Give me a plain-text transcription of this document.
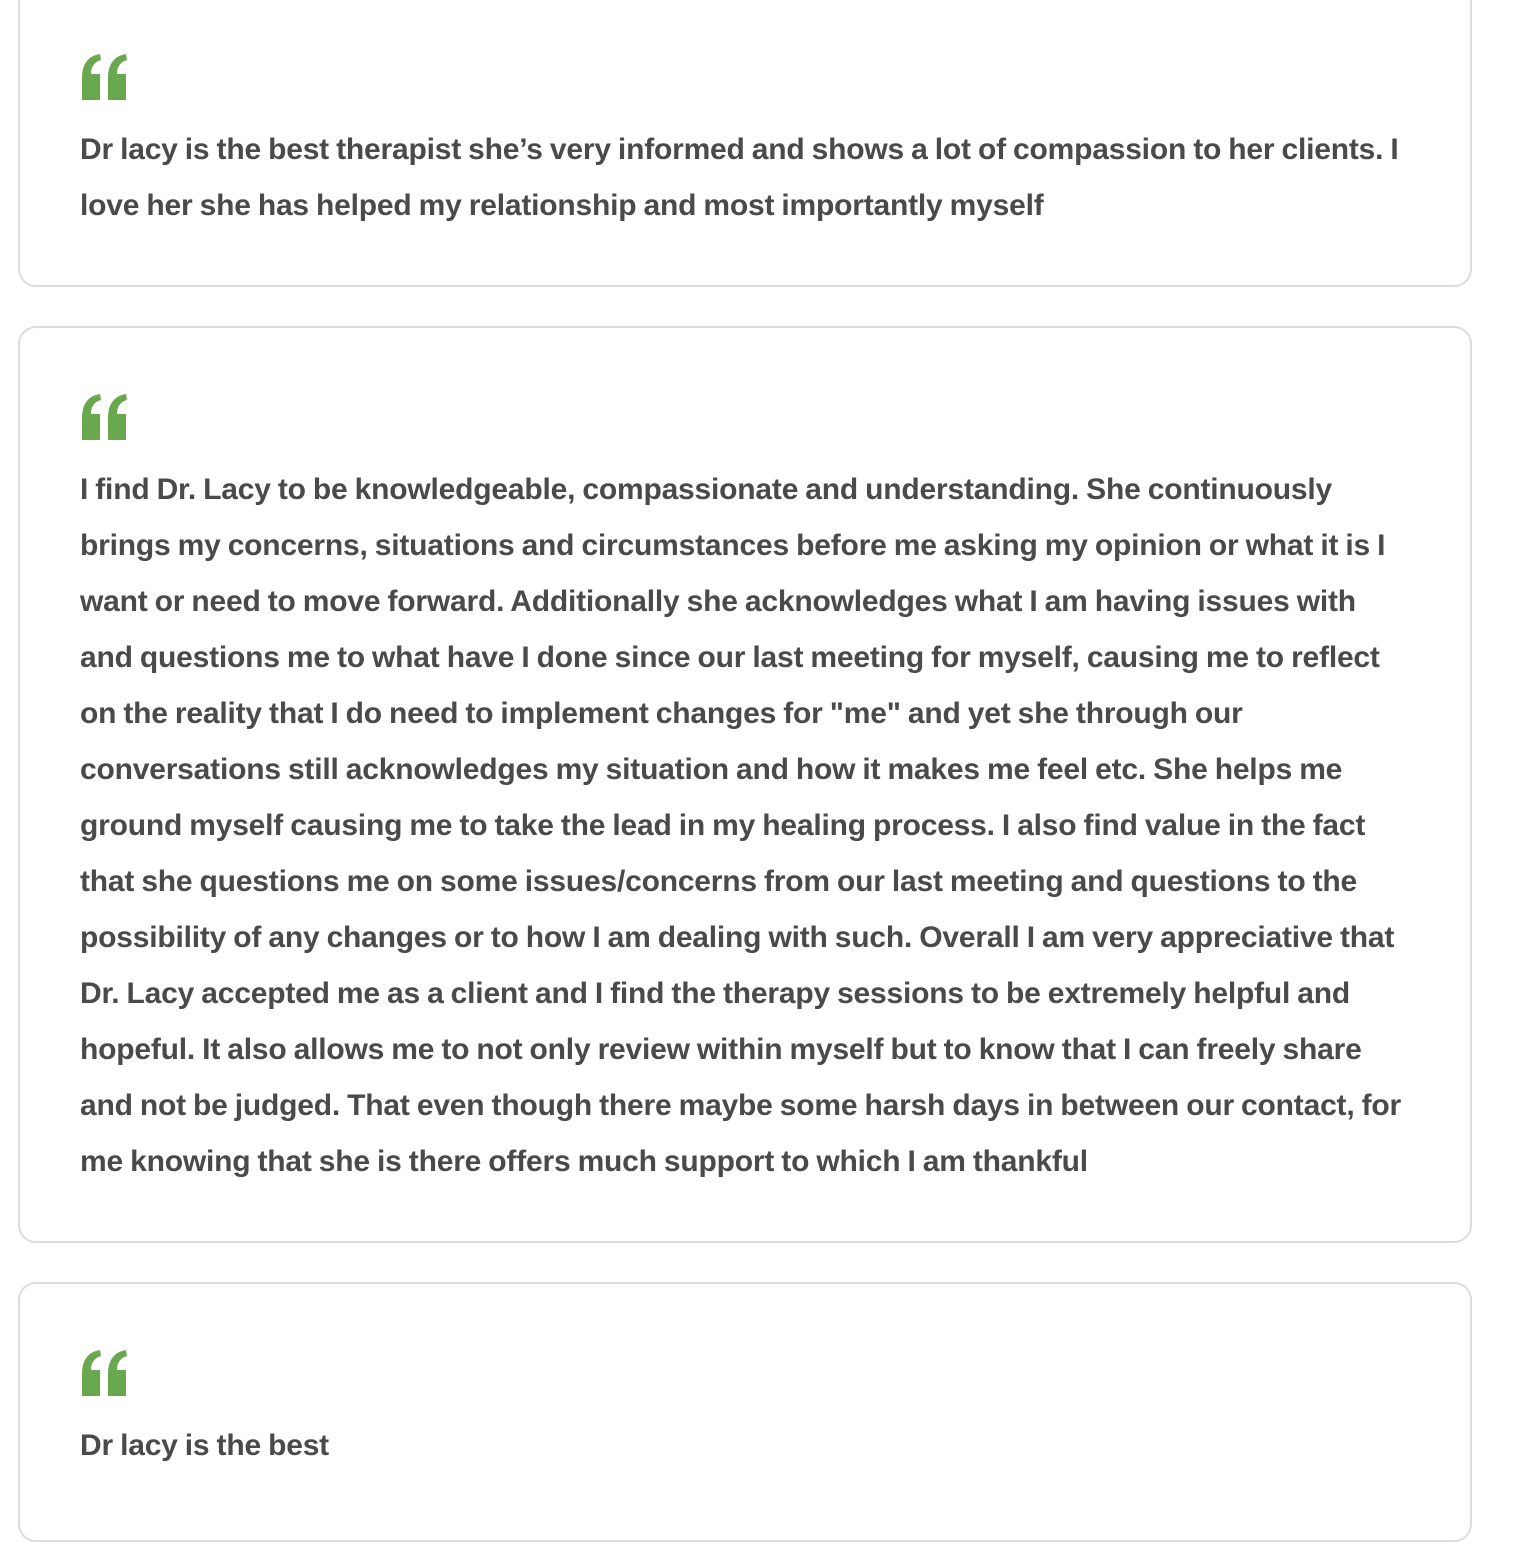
Dr lacy is the best therapist she’s very informed and shows a lot of compassion to her clients. I love her she has helped my relationship and most importantly myself

I find Dr. Lacy to be knowledgeable, compassionate and understanding. She continuously brings my concerns, situations and circumstances before me asking my opinion or what it is I want or need to move forward. Additionally she acknowledges what I am having issues with and questions me to what have I done since our last meeting for myself, causing me to reflect on the reality that I do need to implement changes for "me" and yet she through our conversations still acknowledges my situation and how it makes me feel etc. She helps me ground myself causing me to take the lead in my healing process. I also find value in the fact that she questions me on some issues/concerns from our last meeting and questions to the possibility of any changes or to how I am dealing with such. Overall I am very appreciative that Dr. Lacy accepted me as a client and I find the therapy sessions to be extremely helpful and hopeful. It also allows me to not only review within myself but to know that I can freely share and not be judged. That even though there maybe some harsh days in between our contact, for me knowing that she is there offers much support to which I am thankful

Dr lacy is the best
